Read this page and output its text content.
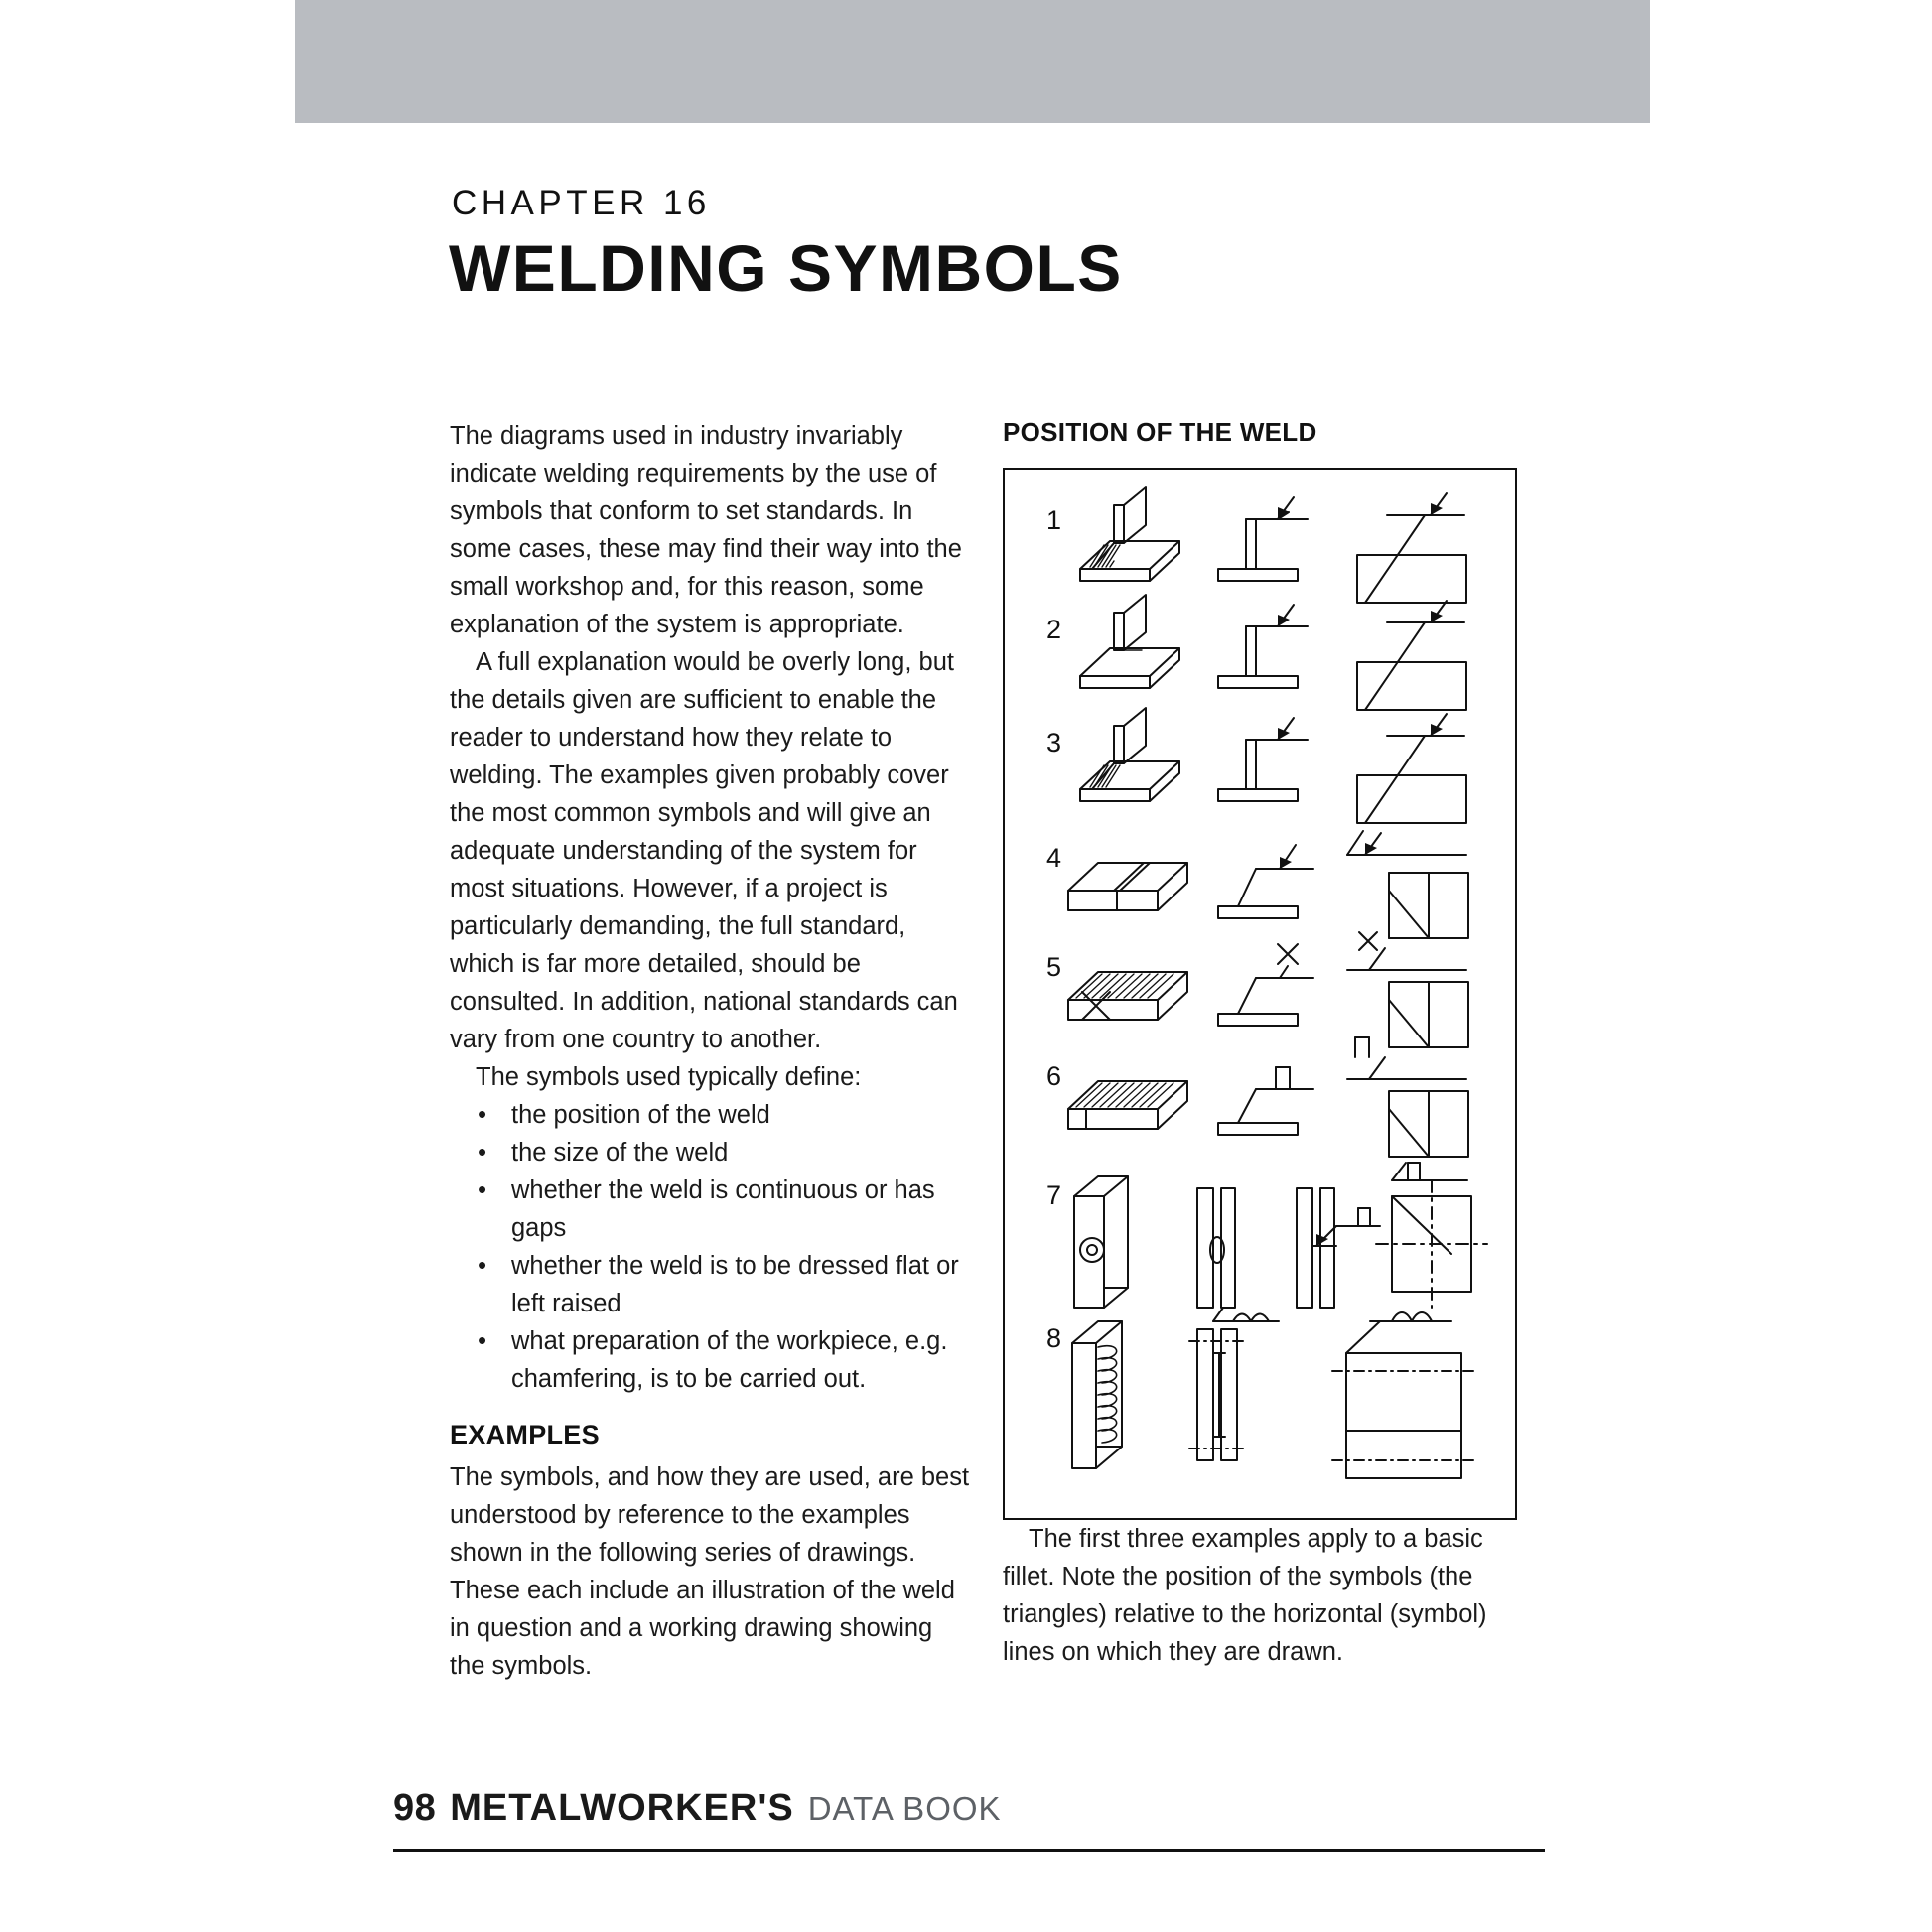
CHAPTER 16
WELDING SYMBOLS

The diagrams used in industry invariably indicate welding requirements by the use of symbols that conform to set standards. In some cases, these may find their way into the small workshop and, for this reason, some explanation of the system is appropriate.

A full explanation would be overly long, but the details given are sufficient to enable the reader to understand how they relate to welding. The examples given probably cover the most common symbols and will give an adequate understanding of the system for most situations. However, if a project is particularly demanding, the full standard, which is far more detailed, should be consulted. In addition, national standards can vary from one country to another.

The symbols used typically define:

• the position of the weld
• the size of the weld
• whether the weld is continuous or has gaps
• whether the weld is to be dressed flat or left raised
• what preparation of the workpiece, e.g. chamfering, is to be carried out.
EXAMPLES

The symbols, and how they are used, are best understood by reference to the examples shown in the following series of drawings. These each include an illustration of the weld in question and a working drawing showing the symbols.

POSITION OF THE WELD
1
2
3
4
5
6
7
8

The first three examples apply to a basic fillet. Note the position of the symbols (the triangles) relative to the horizontal (symbol) lines on which they are drawn.

98 METALWORKER'S DATA BOOK
